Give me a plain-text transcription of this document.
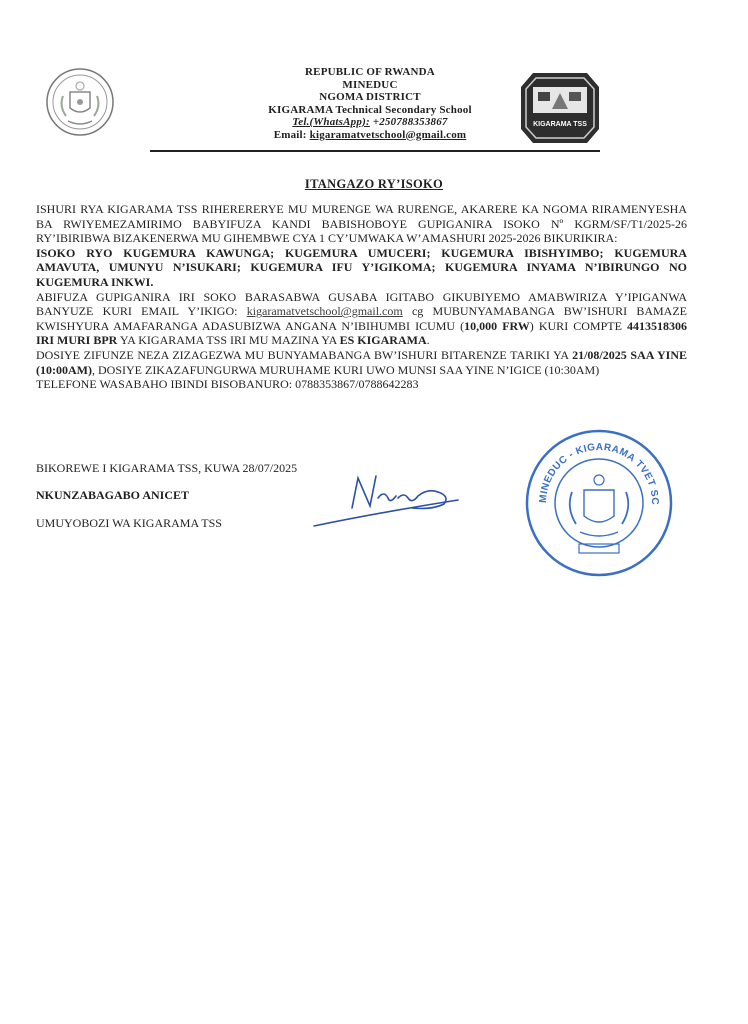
REPUBLIC OF RWANDA
MINEDUC
NGOMA DISTRICT
KIGARAMA Technical Secondary School
Tel.(WhatsApp): +250788353867
Email: kigaramatvetschool@gmail.com
KIGARAMA TSS
ITANGAZO RY’ISOKO

ISHURI RYA KIGARAMA TSS RIHERERERYE MU MURENGE WA RURENGE, AKARERE KA NGOMA RIRAMENYESHA BA RWIYEMEZAMIRIMO BABYIFUZA KANDI BABISHOBOYE GUPIGANIRA ISOKO Nº KGRM/SF/T1/2025-26 RY’IBIRIBWA BIZAKENERWA MU GIHEMBWE CYA 1 CY’UMWAKA W’AMASHURI 2025-2026 BIKURIKIRA:

ISOKO RYO KUGEMURA KAWUNGA; KUGEMURA UMUCERI; KUGEMURA IBISHYIMBO; KUGEMURA AMAVUTA, UMUNYU N’ISUKARI; KUGEMURA IFU Y’IGIKOMA; KUGEMURA INYAMA N’IBIRUNGO NO KUGEMURA INKWI.

ABIFUZA GUPIGANIRA IRI SOKO BARASABWA GUSABA IGITABO GIKUBIYEMO AMABWIRIZA Y’IPIGANWA BANYUZE KURI EMAIL Y’IKIGO: kigaramatvetschool@gmail.com cg MUBUNYAMABANGA BW’ISHURI BAMAZE KWISHYURA AMAFARANGA ADASUBIZWA ANGANA N’IBIHUMBI ICUMU (10,000 FRW) KURI COMPTE 4413518306 IRI MURI BPR YA KIGARAMA TSS IRI MU MAZINA YA ES KIGARAMA.

DOSIYE ZIFUNZE NEZA ZIZAGEZWA MU BUNYAMABANGA BW’ISHURI BITARENZE TARIKI YA 21/08/2025 SAA YINE (10:00AM), DOSIYE ZIKAZAFUNGURWA MURUHAME KURI UWO MUNSI SAA YINE N’IGICE (10:30AM)

TELEFONE WASABAHO IBINDI BISOBANURO: 0788353867/0788642283

BIKOREWE I KIGARAMA TSS, KUWA 28/07/2025
NKUNZABAGABO ANICET
UMUYOBOZI WA KIGARAMA TSS
MINEDUC - KIGARAMA TVET SC
